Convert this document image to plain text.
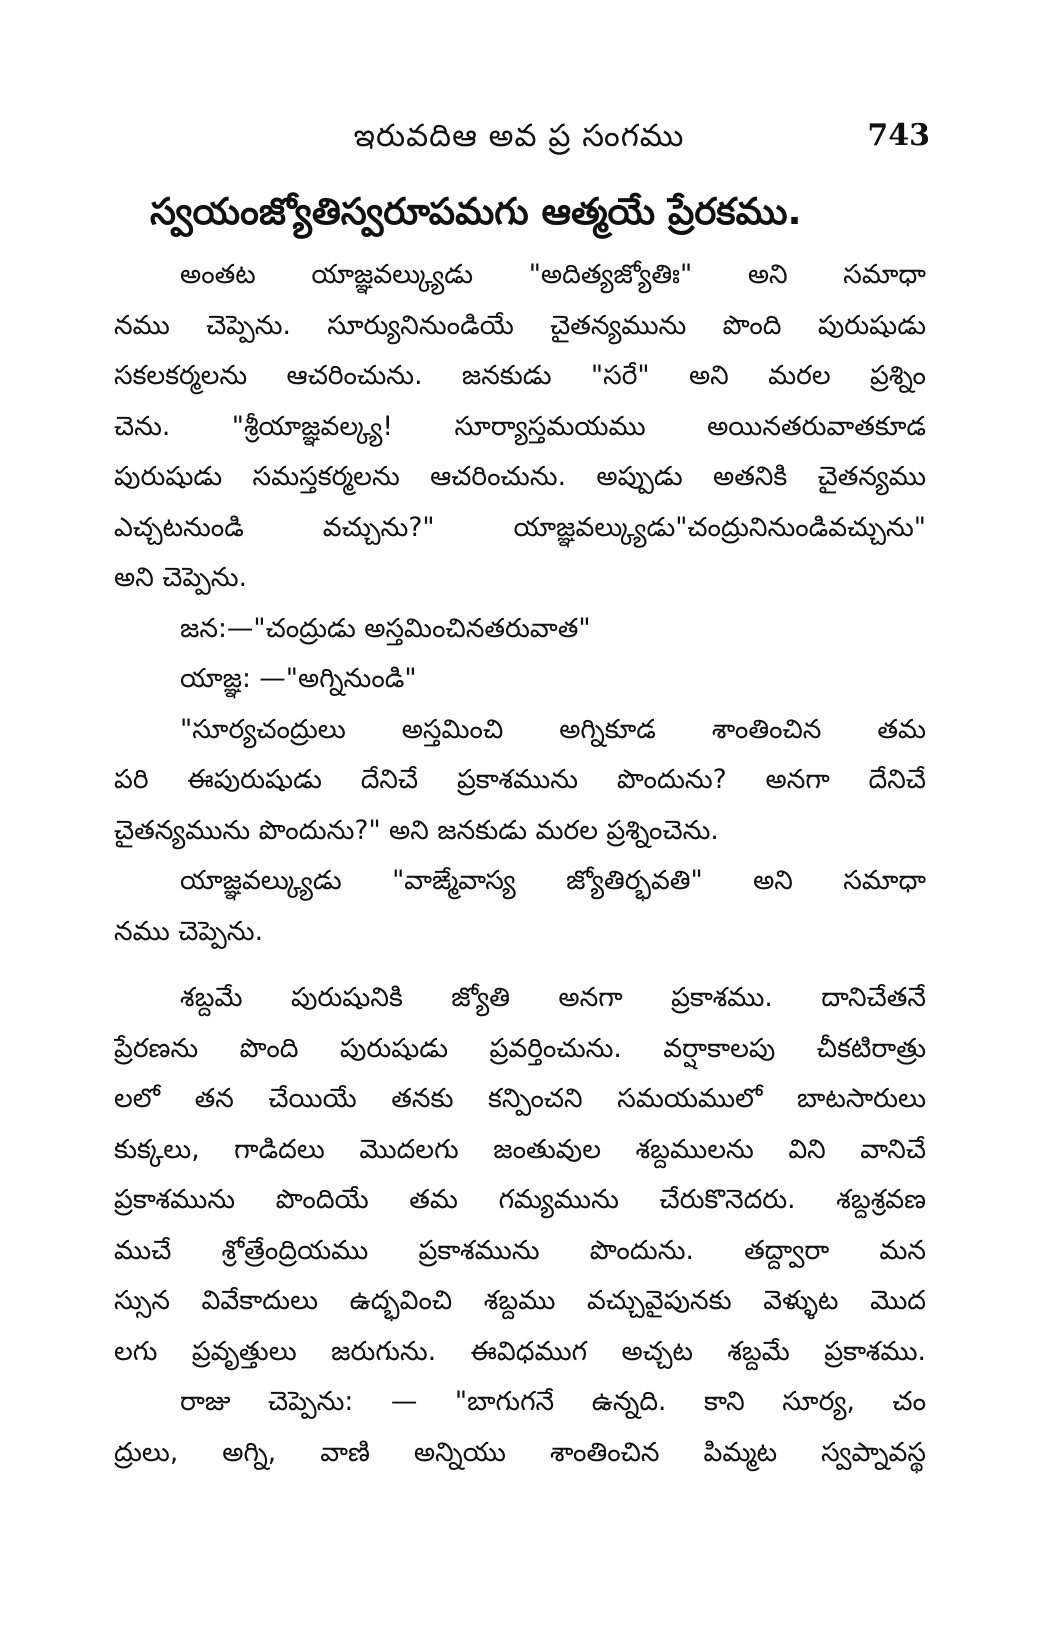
ఇరువదిఆ అవ ప్ర సంగము	743
స్వయంజ్యోతిస్వరూపమగు ఆత్మయే ప్రేరకము.
అంతట యాజ్ఞవల్క్యుడు "అదిత్యజ్యోతిః" అని సమాధా
నము చెప్పెను. సూర్యునినుండియే చైతన్యమును పొంది పురుషుడు
సకలకర్మలను ఆచరించును. జనకుడు "సరే" అని మరల ప్రశ్నిం
చెను. "శ్రీయాజ్ఞవల్క్య! సూర్యాస్తమయము అయినతరువాతకూడ
పురుషుడు సమస్తకర్మలను ఆచరించును. అప్పుడు అతనికి చైతన్యము
ఎచ్చటనుండి వచ్చును?" యాజ్ఞవల్క్యుడు"చంద్రునినుండివచ్చును"
అని చెప్పెను.
జన:—"చంద్రుడు అస్తమించినతరువాత"
యాజ్ఞ: —"అగ్నినుండి"
"సూర్యచంద్రులు అస్తమించి అగ్నికూడ శాంతించిన తమ
పరి ఈపురుషుడు దేనిచే ప్రకాశమును పొందును? అనగా దేనిచే
చైతన్యమును పొందును?" అని జనకుడు మరల ప్రశ్నించెను.
యాజ్ఞవల్క్యుడు "వాఙ్మేవాస్య జ్యోతిర్భవతి" అని సమాధా
నము చెప్పెను.
శబ్దమే పురుషునికి జ్యోతి అనగా ప్రకాశము. దానిచేతనే
ప్రేరణను పొంది పురుషుడు ప్రవర్తించును. వర్షాకాలపు చీకటిరాత్రు
లలో తన చేయియే తనకు కన్పించని సమయములో బాటసారులు
కుక్కలు, గాడిదలు మొదలగు జంతువుల శబ్దములను విని వానిచే
ప్రకాశమును పొందియే తమ గమ్యమును చేరుకొనెదరు. శబ్దశ్రవణ
ముచే శ్రోత్రేంద్రియము ప్రకాశమును పొందును. తద్ద్వారా మన
స్సున వివేకాదులు ఉద్భవించి శబ్దము వచ్చువైపునకు వెళ్ళుట మొద
లగు ప్రవృత్తులు జరుగును. ఈవిధముగ అచ్చట శబ్దమే ప్రకాశము.
రాజు చెప్పెను: — "బాగుగనే ఉన్నది. కాని సూర్య, చం
ద్రులు, అగ్ని, వాణి అన్నియు శాంతించిన పిమ్మట స్వప్నావస్థ
